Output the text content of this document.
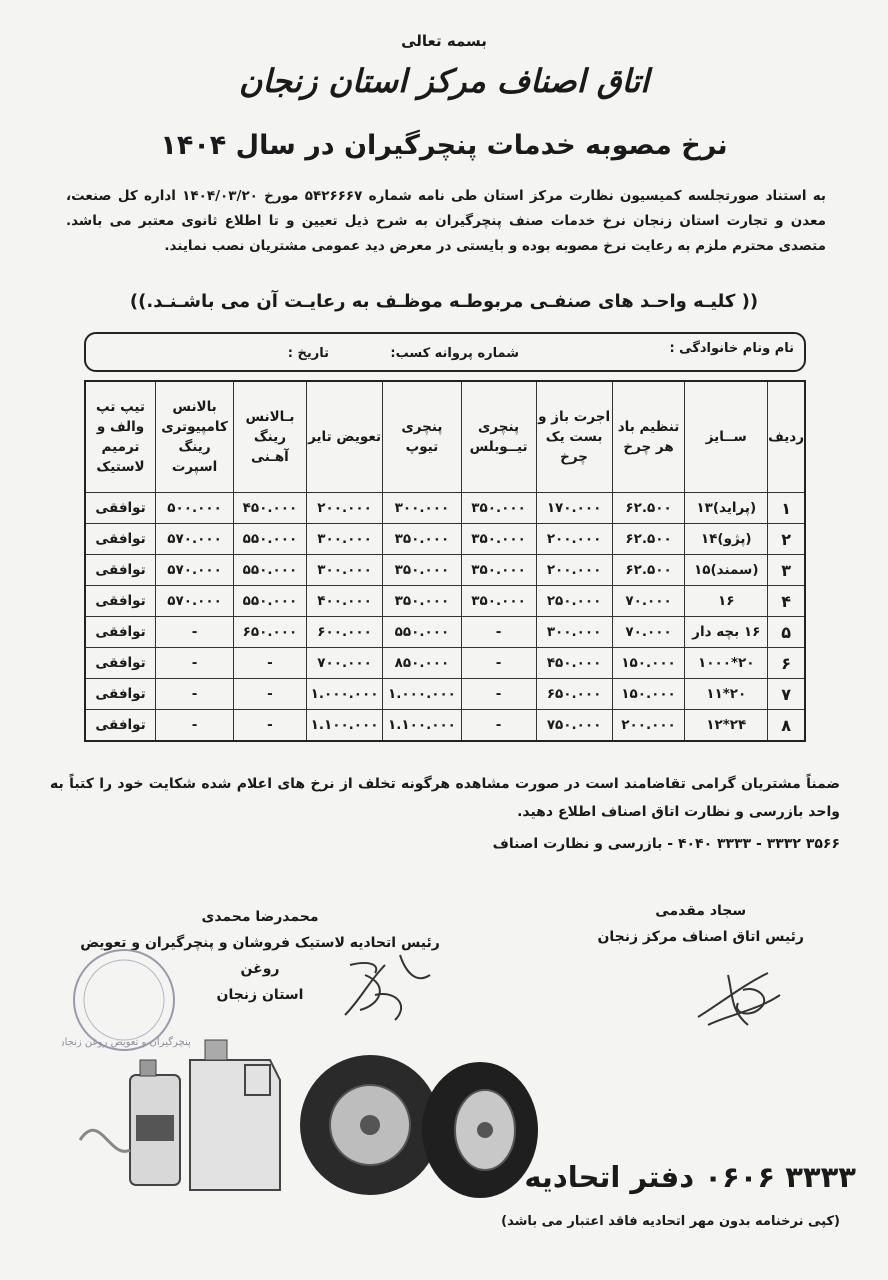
بسمه تعالی
اتاق اصناف مرکز استان زنجان
نرخ مصوبه خدمات پنچرگیران در سال ۱۴۰۴
به استناد صورتجلسه کمیسیون نظارت مرکز استان طی نامه شماره ۵۴۲۶۶۶۷ مورخ ۱۴۰۴/۰۳/۲۰ اداره کل صنعت، معدن و تجارت استان زنجان نرخ خدمات صنف پنچرگیران به شرح ذیل تعیین و تا اطلاع ثانوی معتبر می باشد. متصدی محترم ملزم به رعایت نرخ مصوبه بوده و بایستی در معرض دید عمومی مشتریان نصب نمایند.
(( کلیـه واحـد های صنفـی مربوطـه موظـف به رعایـت آن می باشـنـد.))
نام ونام خانوادگی :
شماره پروانه کسب:
تاریخ :
ردیف	ســایز	تنظیم باد هر چرخ	اجرت باز و بست یک چرخ	پنچری تیــوبلس	پنچری تیوپ	تعویض تایر	بـالانس رینگ آهـنی	بالانس کامپیوتری رینگ اسپرت	تیپ تپ والف و ترمیم لاستیک
۱	(پراید)۱۳	۶۲.۵۰۰	۱۷۰.۰۰۰	۳۵۰.۰۰۰	۳۰۰.۰۰۰	۲۰۰.۰۰۰	۴۵۰.۰۰۰	۵۰۰.۰۰۰	توافقی
۲	(پژو)۱۴	۶۲.۵۰۰	۲۰۰.۰۰۰	۳۵۰.۰۰۰	۳۵۰.۰۰۰	۳۰۰.۰۰۰	۵۵۰.۰۰۰	۵۷۰.۰۰۰	توافقی
۳	(سمند)۱۵	۶۲.۵۰۰	۲۰۰.۰۰۰	۳۵۰.۰۰۰	۳۵۰.۰۰۰	۳۰۰.۰۰۰	۵۵۰.۰۰۰	۵۷۰.۰۰۰	توافقی
۴	۱۶	۷۰.۰۰۰	۲۵۰.۰۰۰	۳۵۰.۰۰۰	۳۵۰.۰۰۰	۴۰۰.۰۰۰	۵۵۰.۰۰۰	۵۷۰.۰۰۰	توافقی
۵	۱۶ بچه دار	۷۰.۰۰۰	۳۰۰.۰۰۰	-	۵۵۰.۰۰۰	۶۰۰.۰۰۰	۶۵۰.۰۰۰	-	توافقی
۶	۲۰*۱۰۰۰	۱۵۰.۰۰۰	۴۵۰.۰۰۰	-	۸۵۰.۰۰۰	۷۰۰.۰۰۰	-	-	توافقی
۷	۲۰*۱۱	۱۵۰.۰۰۰	۶۵۰.۰۰۰	-	۱.۰۰۰.۰۰۰	۱.۰۰۰.۰۰۰	-	-	توافقی
۸	۲۴*۱۲	۲۰۰.۰۰۰	۷۵۰.۰۰۰	-	۱.۱۰۰.۰۰۰	۱.۱۰۰.۰۰۰	-	-	توافقی
ضمناً مشتریان گرامی تقاضامند است در صورت مشاهده هرگونه تخلف از نرخ های اعلام شده شکایت خود را کتباً به واحد بازرسی و نظارت اتاق اصناف اطلاع دهید.
۳۵۶۶ ۳۳۳۲ - ۳۳۳۳ ۴۰۴۰ - بازرسی و نظارت اصناف
سجاد مقدمی
رئیس اتاق اصناف مرکز زنجان
محمدرضا محمدی
رئیس اتحادیه لاستیک فروشان و پنچرگیران و تعویض روغن
استان زنجان
پنچرگیران و تعویض روغن زنجان
۳۳۳۳ ۰۶۰۶ دفتر اتحادیه
(کپی نرخنامه بدون مهر اتحادیه فاقد اعتبار می باشد)
